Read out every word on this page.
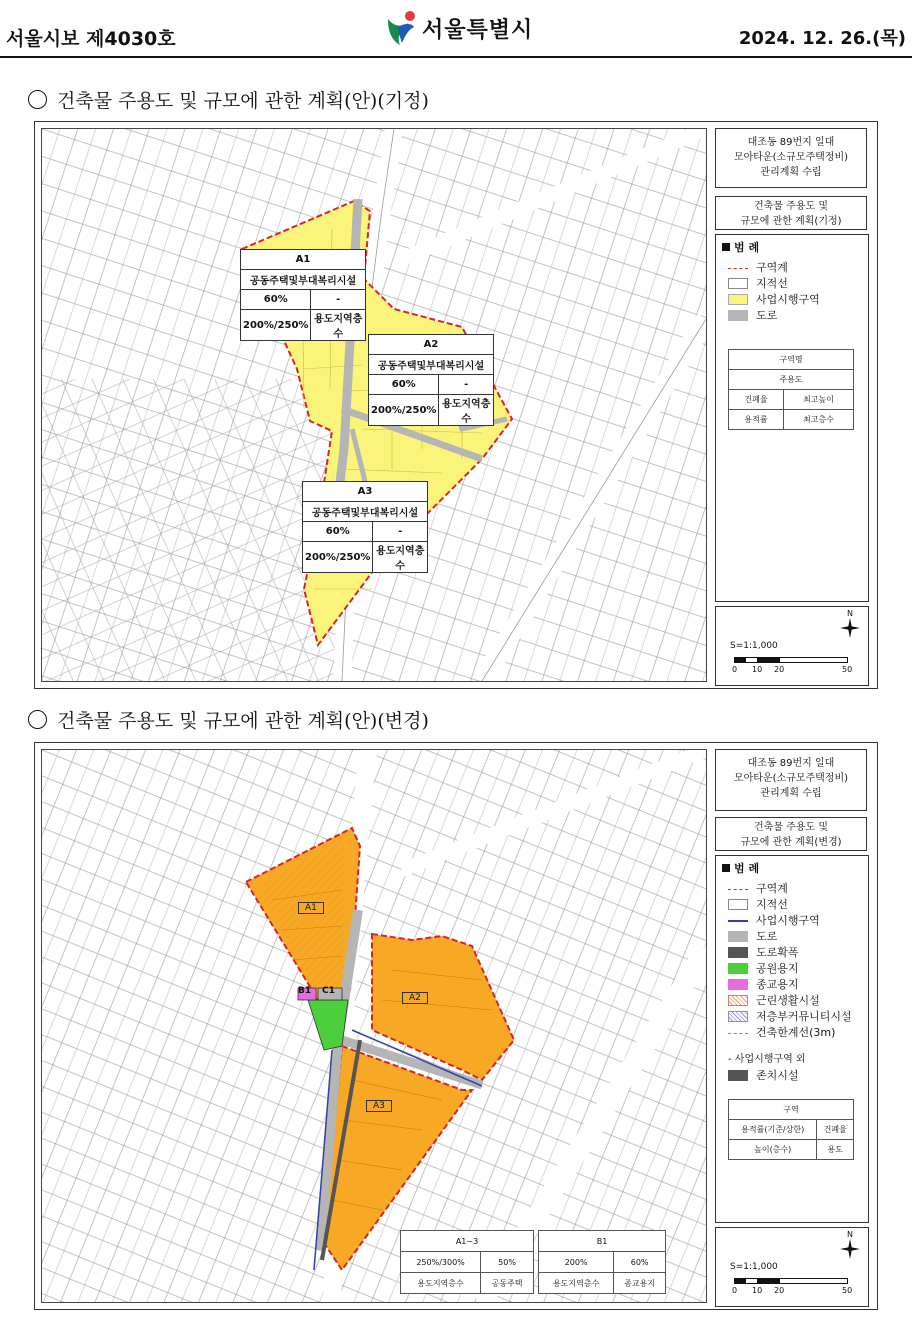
서울시보 제4030호	서울특별시	2024. 12. 26.(목)
건축물 주용도 및 규모에 관한 계획(안)(기정)
A1	
공동주택및부대복리시설	
60%	-
200%/250%	용도지역층수
A2	
공동주택및부대복리시설	
60%	-
200%/250%	용도지역층수
A3	
공동주택및부대복리시설	
60%	-
200%/250%	용도지역층수
대조동 89번지 일대
모아타운(소규모주택정비)
관리계획 수립
건축물 주용도 및
규모에 관한 계획(기정)
범 례
구역계
지적선
사업시행구역
도로
구역명	
주용도	
건폐율	최고높이
용적률	최고층수
N
S=1:1,000
0 10 20	50
건축물 주용도 및 규모에 관한 계획(안)(변경)
A1
A2
A3
B1 C1
A1~3	
250%/300%	50%
용도지역층수	공동주택
B1	
200%	60%
용도지역층수	종교용지
대조동 89번지 일대
모아타운(소규모주택정비)
관리계획 수립
건축물 주용도 및
규모에 관한 계획(변경)
범 례
구역계
지적선
사업시행구역
도로
도로확폭
공원용지
종교용지
근린생활시설
저층부커뮤니티시설
건축한계선(3m)
- 사업시행구역 외
존치시설
구역	
용적률(기준/상한)	건폐율
높이(층수)	용도
N
S=1:1,000
0 10 20	50
